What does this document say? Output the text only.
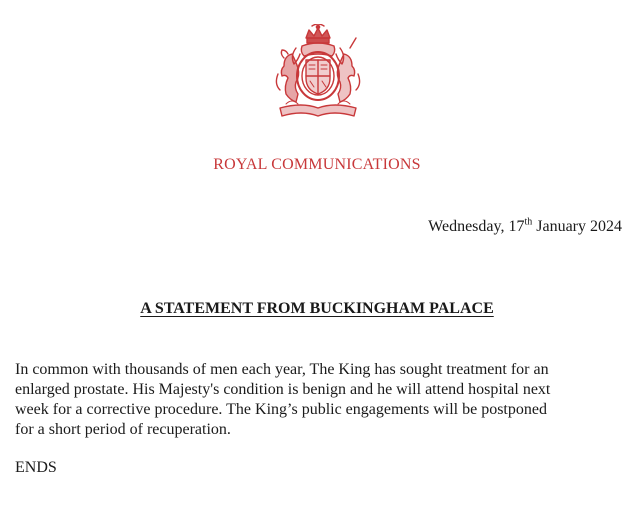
ROYAL COMMUNICATIONS
Wednesday, 17th January 2024
A STATEMENT FROM BUCKINGHAM PALACE
In common with thousands of men each year, The King has sought treatment for an
enlarged prostate. His Majesty's condition is benign and he will attend hospital next
week for a corrective procedure. The King’s public engagements will be postponed
for a short period of recuperation.
ENDS
